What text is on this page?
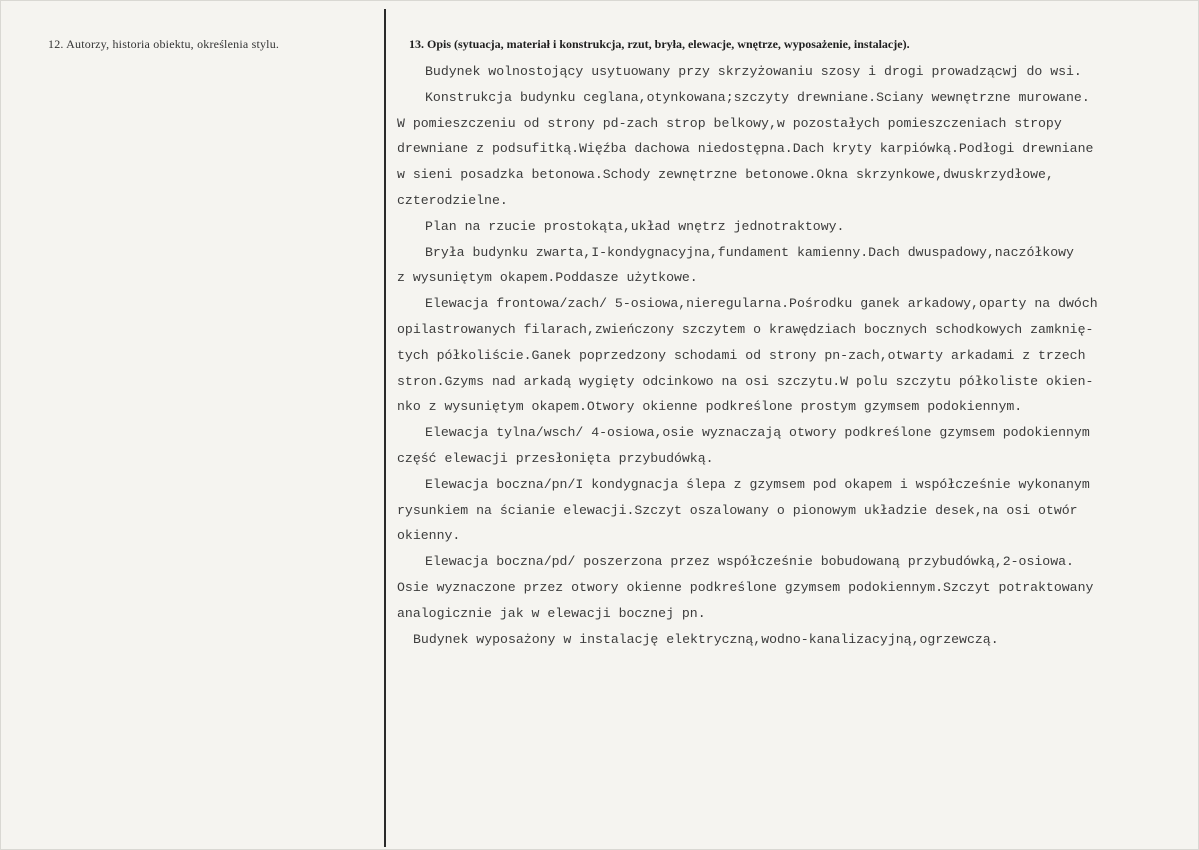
12. Autorzy, historia obiektu, określenia stylu.	13. Opis (sytuacja, materiał i konstrukcja, rzut, bryła, elewacje, wnętrze, wyposażenie, instalacje).
Budynek wolnostojący usytuowany przy skrzyżowaniu szosy i drogi prowadzącwj do wsi.
Konstrukcja budynku ceglana,otynkowana;szczyty drewniane.Sciany wewnętrzne murowane.
W pomieszczeniu od strony pd-zach strop belkowy,w pozostałych pomieszczeniach stropy
drewniane z podsufitką.Więźba dachowa niedostępna.Dach kryty karpiówką.Podłogi drewniane
w sieni posadzka betonowa.Schody zewnętrzne betonowe.Okna skrzynkowe,dwuskrzydłowe,
czterodzielne.
Plan na rzucie prostokąta,układ wnętrz jednotraktowy.
Bryła budynku zwarta,I-kondygnacyjna,fundament kamienny.Dach dwuspadowy,naczółkowy
z wysuniętym okapem.Poddasze użytkowe.
Elewacja frontowa/zach/ 5-osiowa,nieregularna.Pośrodku ganek arkadowy,oparty na dwóch
opilastrowanych filarach,zwieńczony szczytem o krawędziach bocznych schodkowych zamknię-
tych półkoliście.Ganek poprzedzony schodami od strony pn-zach,otwarty arkadami z trzech
stron.Gzyms nad arkadą wygięty odcinkowo na osi szczytu.W polu szczytu półkoliste okien-
nko z wysuniętym okapem.Otwory okienne podkreślone prostym gzymsem podokiennym.
Elewacja tylna/wsch/ 4-osiowa,osie wyznaczają otwory podkreślone gzymsem podokiennym
część elewacji przesłonięta przybudówką.
Elewacja boczna/pn/I kondygnacja ślepa z gzymsem pod okapem i współcześnie wykonanym
rysunkiem na ścianie elewacji.Szczyt oszalowany o pionowym układzie desek,na osi otwór
okienny.
Elewacja boczna/pd/ poszerzona przez współcześnie bobudowaną przybudówką,2-osiowa.
Osie wyznaczone przez otwory okienne podkreślone gzymsem podokiennym.Szczyt potraktowany
analogicznie jak w elewacji bocznej pn.
Budynek wyposażony w instalację elektryczną,wodno-kanalizacyjną,ogrzewczą.
